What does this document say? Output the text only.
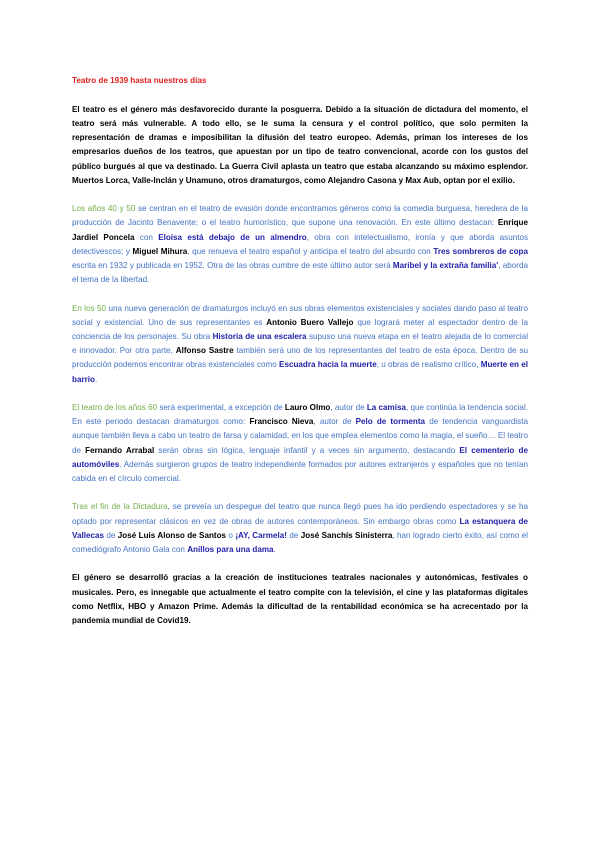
Teatro de 1939 hasta nuestros días

El teatro es el género más desfavorecido durante la posguerra. Debido a la situación de dictadura del momento, el teatro será más vulnerable. A todo ello, se le suma la censura y el control político, que solo permiten la representación de dramas e imposibilitan la difusión del teatro europeo. Además, priman los intereses de los empresarios dueños de los teatros, que apuestan por un tipo de teatro convencional, acorde con los gustos del público burgués al que va destinado. La Guerra Civil aplasta un teatro que estaba alcanzando su máximo esplendor. Muertos Lorca, Valle-Inclán y Unamuno, otros dramaturgos, como Alejandro Casona y Max Aub, optan por el exilio.

Los años 40 y 50 se centran en el teatro de evasión donde encontramos géneros como la comedia burguesa, heredera de la producción de Jacinto Benavente; o el teatro humorístico, que supone una renovación. En este último destacan: Enrique Jardiel Poncela con Eloísa está debajo de un almendro, obra con intelectualismo, ironía y que aborda asuntos detectivescos; y Miguel Mihura, que renueva el teatro español y anticipa el teatro del absurdo con Tres sombreros de copa escrita en 1932 y publicada en 1952. Otra de las obras cumbre de este último autor será Maribel y la extraña familia', aborda el tema de la libertad.

En los 50 una nueva generación de dramaturgos incluyó en sus obras elementos existenciales y sociales dando paso al teatro social y existencial. Uno de sus representantes es Antonio Buero Vallejo que logrará meter al espectador dentro de la conciencia de los personajes. Su obra Historia de una escalera supuso una nueva etapa en el teatro alejada de lo comercial e innovador. Por otra parte, Alfonso Sastre también será uno de los representantes del teatro de esta época. Dentro de su producción podemos encontrar obras existenciales como Escuadra hacia la muerte; u obras de realismo crítico, Muerte en el barrio.

El teatro de los años 60 será experimental, a excepción de Lauro Olmo, autor de La camisa, que continúa la tendencia social. En este periodo destacan dramaturgos como: Francisco Nieva, autor de Pelo de tormenta de tendencia vanguardista aunque también lleva a cabo un teatro de farsa y calamidad, en los que emplea elementos como la magia, el sueño… El teatro de Fernando Arrabal serán obras sin lógica, lenguaje infantil y a veces sin argumento, destacando El cementerio de automóviles. Además surgieron grupos de teatro independiente formados por autores extranjeros y españoles que no tenían cabida en el círculo comercial.

Tras el fin de la Dictadura, se preveía un despegue del teatro que nunca llegó pues ha ido perdiendo espectadores y se ha optado por representar clásicos en vez de obras de autores contemporáneos. Sin embargo obras como La estanquera de Vallecas de José Luis Alonso de Santos o ¡AY, Carmela! de José Sanchís Sinisterra, han logrado cierto éxito, así como el comediógrafo Antonio Gala con Anillos para una dama.

El género se desarrolló gracias a la creación de instituciones teatrales nacionales y autonómicas, festivales o musicales. Pero, es innegable que actualmente el teatro compite con la televisión, el cine y las plataformas digitales como Netflix, HBO y Amazon Prime. Además la dificultad de la rentabilidad económica se ha acrecentado por la pandemia mundial de Covid19.
